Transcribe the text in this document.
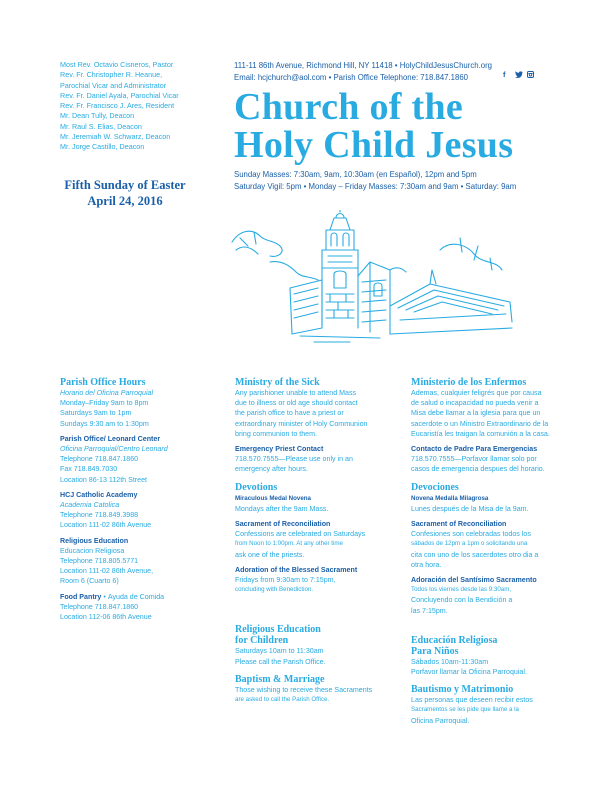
Most Rev. Octavio Cisneros, Pastor
Rev. Fr. Christopher R. Heanue,
Parochial Vicar and Administrator
Rev. Fr. Daniel Ayala, Parochial Vicar
Rev. Fr. Francisco J. Ares, Resident
Mr. Dean Tully, Deacon
Mr. Raul S. Elias, Deacon
Mr. Jeremiah W. Schwarz, Deacon
Mr. Jorge Castillo, Deacon
Fifth Sunday of Easter
April 24, 2016
111-11 86th Avenue, Richmond Hill, NY 11418 • HolyChildJesusChurch.org
Email: hcjchurch@aol.com • Parish Office Telephone: 718.847.1860	f
Church of the
Holy Child Jesus
Sunday Masses: 7:30am, 9am, 10:30am (en Español), 12pm and 5pm
Saturday Vigil: 5pm • Monday – Friday Masses: 7:30am and 9am • Saturday: 9am
Parish Office Hours

Horario del Oficina Parroquial

Monday–Friday 9am to 8pm

Saturdays 9am to 1pm

Sundays 9:30 am to 1:30pm

Parish Office/ Leonard Center

Oficina Parroquial/Centro Leonard

Telephone 718.847.1860

Fax 718.849.7030

Location 86-13 112th Street

HCJ Catholic Academy

Academia Catolica

Telephone 718.849.3988

Location 111-02 86th Avenue

Religious Education

Educacion Religiosa

Telephone 718.805.5771

Location 111-02 86th Avenue,

Room 6 (Cuarto 6)

Food Pantry • Ayuda de Comida

Telephone 718.847.1860

Location 112-06 86th Avenue

Ministry of the Sick

Any parishioner unable to attend Mass

due to illness or old age should contact

the parish office to have a priest or

extraordinary minister of Holy Communion

bring communion to them.

Emergency Priest Contact

718.570.7555—Please use only in an

emergency after hours.

Devotions

Miraculous Medal Novena

Mondays after the 9am Mass.

Sacrament of Reconciliation

Confessions are celebrated on Saturdays

from Noon to 1:00pm. At any other time

ask one of the priests.

Adoration of the Blessed Sacrament

Fridays from 9:30am to 7:15pm,

concluding with Benediction.

Religious Education
for Children

Saturdays 10am to 11:30am

Please call the Parish Office.

Baptism & Marriage

Those wishing to receive these Sacraments

are asked to call the Parish Office.

Ministerio de los Enfermos

Ademas, cualquier feligrés que por causa

de salud o incapacidad no pueda venir a

Misa debe llamar a la iglesia para que un

sacerdote o un Ministro Extraordinario de la

Eucaristía les traigan la comunión a la casa.

Contacto de Padre Para Emergencias

718.570.7555—Porfavor llamar solo por

casos de emergencia despues del horario.

Devociones

Novena Medalla Milagrosa

Lunes después de la Misa de la 9am.

Sacrament of Reconciliation

Confesiones son celebradas todos los

sábados de 12pm a 1pm o solicitando una

cita con uno de los sacerdotes otro dia a

otra hora.

Adoración del Santísimo Sacramento

Todos los viernes desde las 9:30am,

Concluyendo con la Bendición a

las 7:15pm.

Educación Religiosa
Para Niños

Sábados 10am-11:30am

Porfavor llamar la Oficina Parroquial.

Bautismo y Matrimonio

Las personas que deseen recibir estos

Sacramentos se les pide que llame a la

Oficina Parroquial.
